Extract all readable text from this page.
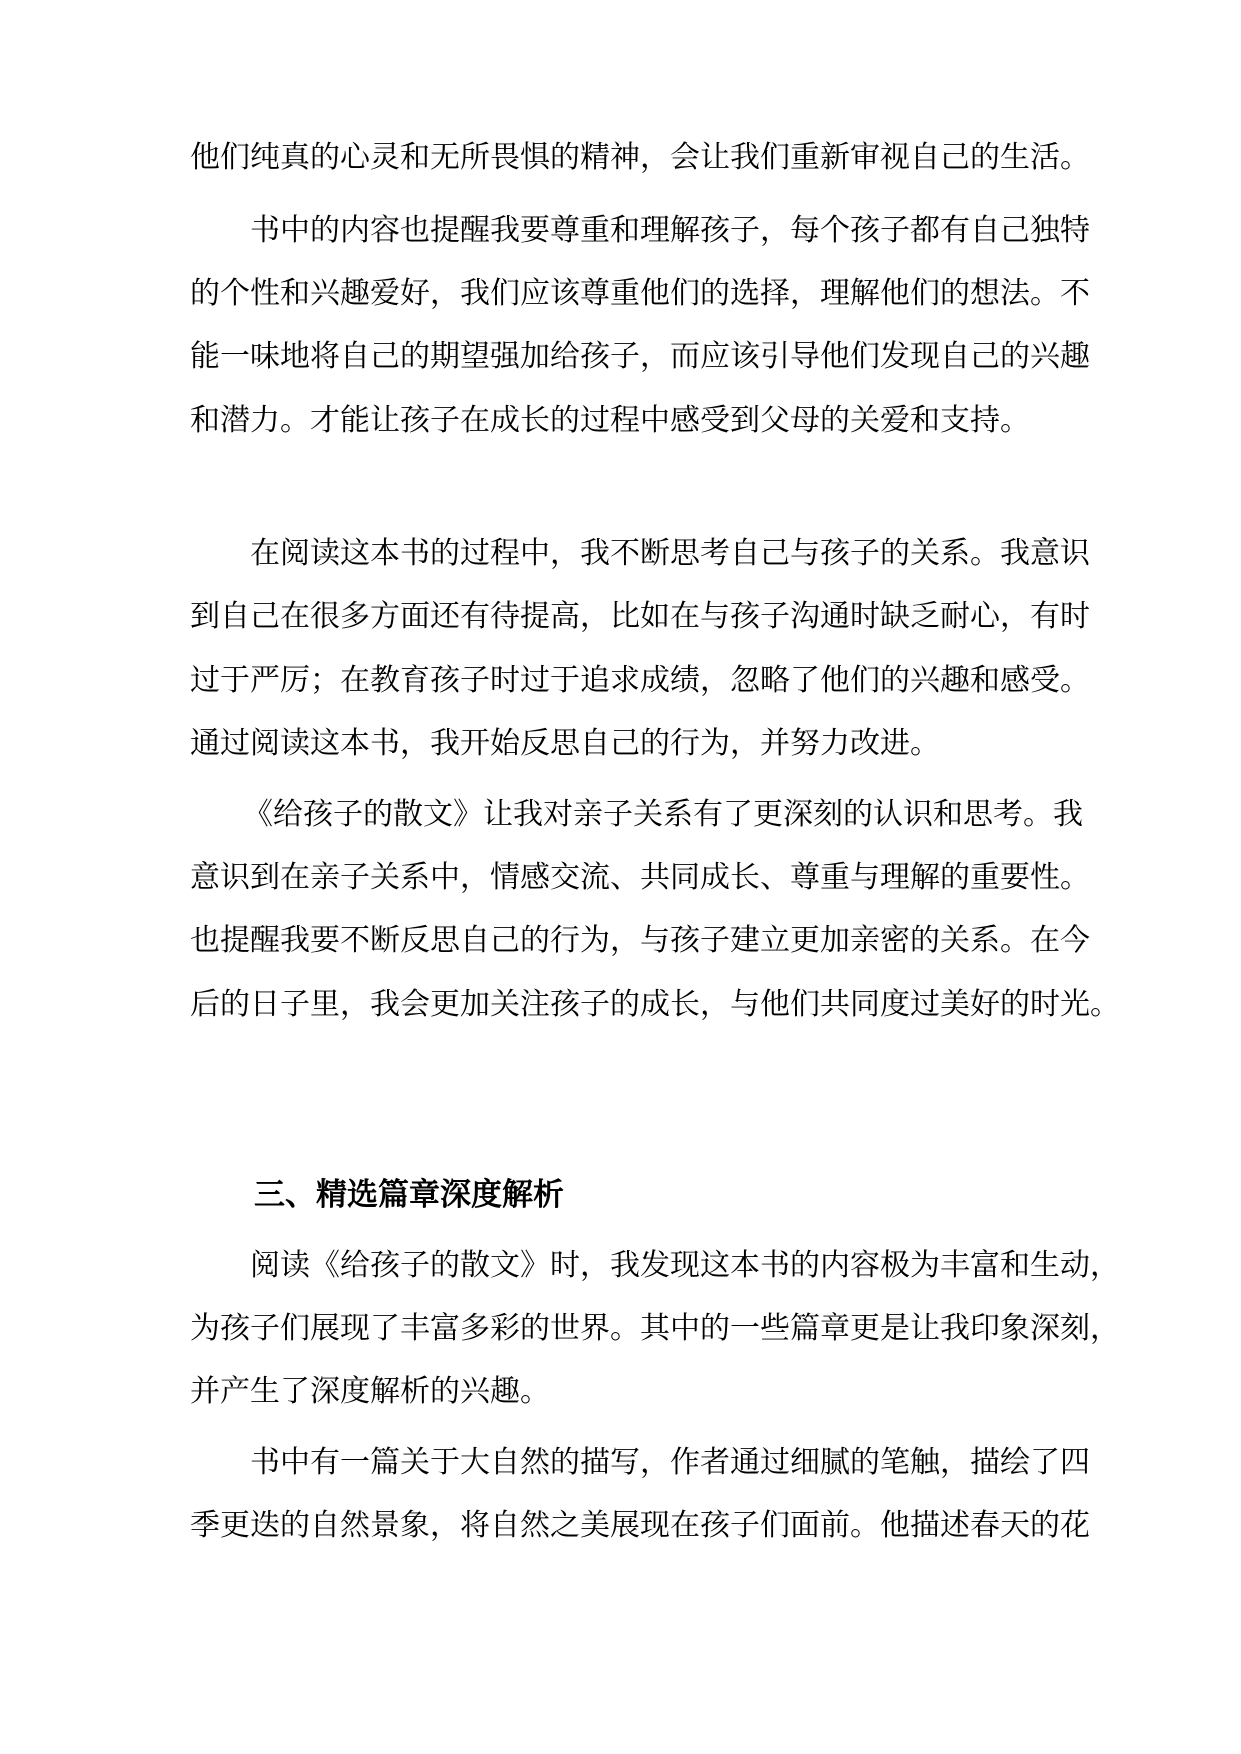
他们纯真的心灵和无所畏惧的精神，会让我们重新审视自己的生活。
书中的内容也提醒我要尊重和理解孩子，每个孩子都有自己独特
的个性和兴趣爱好，我们应该尊重他们的选择，理解他们的想法。不
能一味地将自己的期望强加给孩子，而应该引导他们发现自己的兴趣
和潜力。才能让孩子在成长的过程中感受到父母的关爱和支持。
在阅读这本书的过程中，我不断思考自己与孩子的关系。我意识
到自己在很多方面还有待提高，比如在与孩子沟通时缺乏耐心，有时
过于严厉；在教育孩子时过于追求成绩，忽略了他们的兴趣和感受。
通过阅读这本书，我开始反思自己的行为，并努力改进。
《给孩子的散文》让我对亲子关系有了更深刻的认识和思考。我
意识到在亲子关系中，情感交流、共同成长、尊重与理解的重要性。
也提醒我要不断反思自己的行为，与孩子建立更加亲密的关系。在今
后的日子里，我会更加关注孩子的成长，与他们共同度过美好的时光。
三、精选篇章深度解析
阅读《给孩子的散文》时，我发现这本书的内容极为丰富和生动，
为孩子们展现了丰富多彩的世界。其中的一些篇章更是让我印象深刻，
并产生了深度解析的兴趣。
书中有一篇关于大自然的描写，作者通过细腻的笔触，描绘了四
季更迭的自然景象，将自然之美展现在孩子们面前。他描述春天的花
